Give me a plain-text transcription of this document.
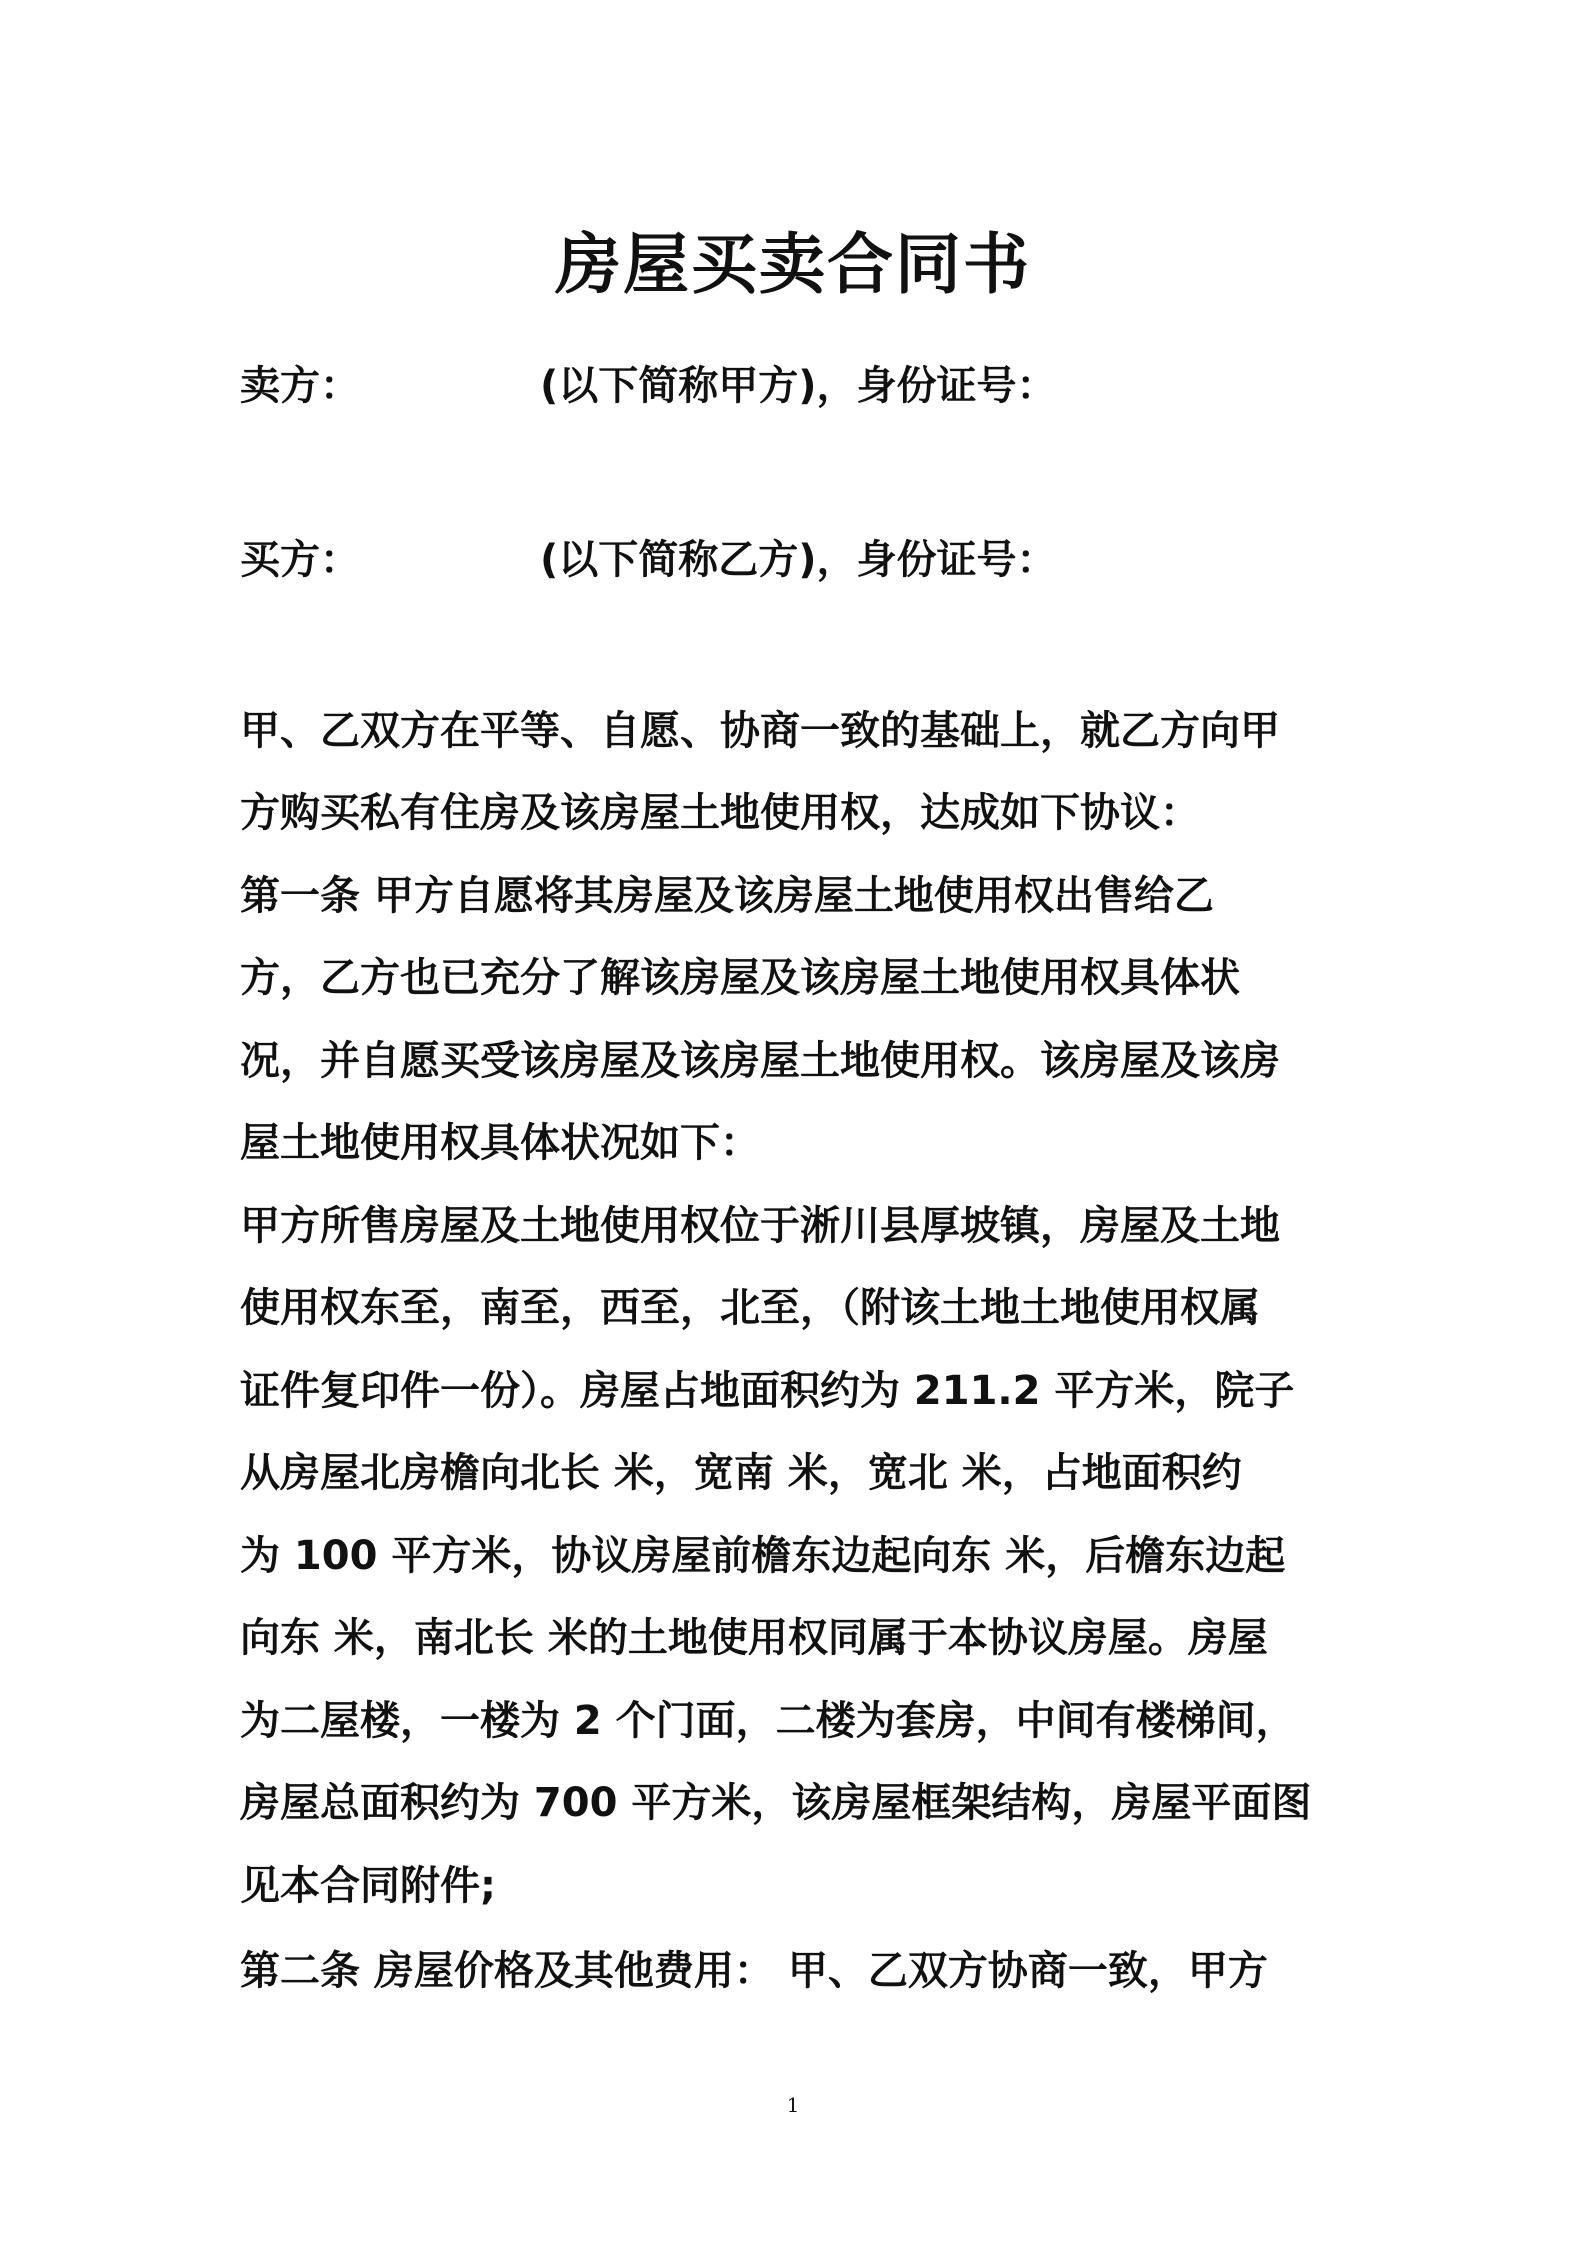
房屋买卖合同书
卖方：	(以下简称甲方)，身份证号：
买方：	(以下简称乙方)，身份证号：
甲、乙双方在平等、自愿、协商一致的基础上，就乙方向甲
方购买私有住房及该房屋土地使用权，达成如下协议：
第一条 甲方自愿将其房屋及该房屋土地使用权出售给乙
方，乙方也已充分了解该房屋及该房屋土地使用权具体状
况，并自愿买受该房屋及该房屋土地使用权。该房屋及该房
屋土地使用权具体状况如下：
甲方所售房屋及土地使用权位于淅川县厚坡镇，房屋及土地
使用权东至，南至，西至，北至，（附该土地土地使用权属
证件复印件一份）。房屋占地面积约为 211.2 平方米，院子
从房屋北房檐向北长 米，宽南 米，宽北 米，占地面积约
为 100 平方米，协议房屋前檐东边起向东 米，后檐东边起
向东 米，南北长 米的土地使用权同属于本协议房屋。房屋
为二屋楼，一楼为 2 个门面，二楼为套房，中间有楼梯间，
房屋总面积约为 700 平方米，该房屋框架结构，房屋平面图
见本合同附件;
第二条 房屋价格及其他费用： 甲、乙双方协商一致，甲方
1
